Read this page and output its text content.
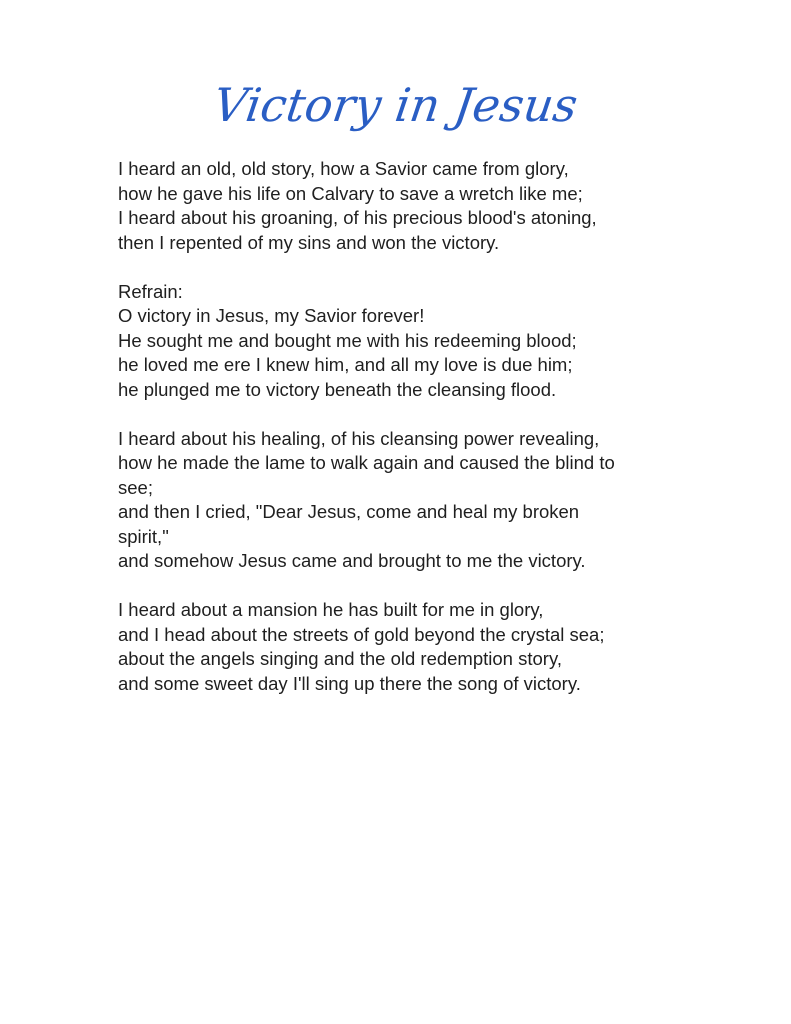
Victory in Jesus
I heard an old, old story, how a Savior came from glory,
how he gave his life on Calvary to save a wretch like me;
I heard about his groaning, of his precious blood's atoning,
then I repented of my sins and won the victory.
Refrain:
O victory in Jesus, my Savior forever!
He sought me and bought me with his redeeming blood;
he loved me ere I knew him, and all my love is due him;
he plunged me to victory beneath the cleansing flood.
I heard about his healing, of his cleansing power revealing,
how he made the lame to walk again and caused the blind to
see;
and then I cried, "Dear Jesus, come and heal my broken
spirit,"
and somehow Jesus came and brought to me the victory.
I heard about a mansion he has built for me in glory,
and I head about the streets of gold beyond the crystal sea;
about the angels singing and the old redemption story,
and some sweet day I'll sing up there the song of victory.
